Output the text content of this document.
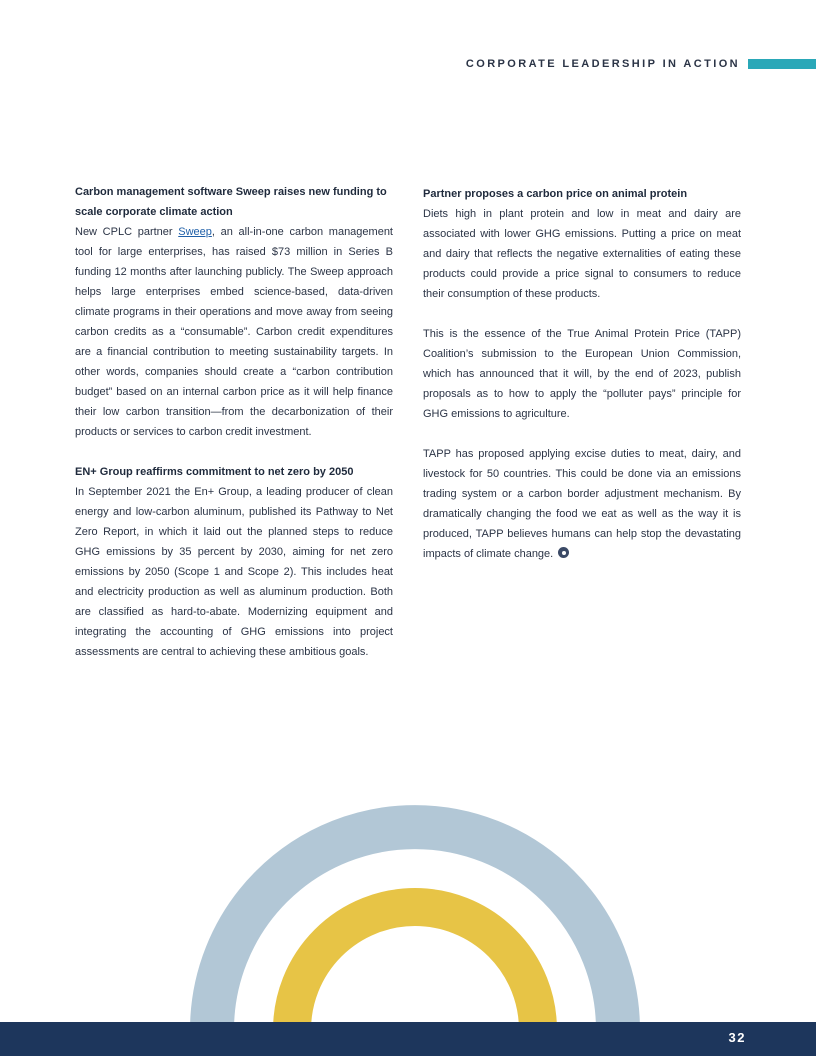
CORPORATE LEADERSHIP IN ACTION
Carbon management software Sweep raises new funding to scale corporate climate action

New CPLC partner Sweep, an all-in-one carbon management tool for large enterprises, has raised $73 million in Series B funding 12 months after launching publicly. The Sweep approach helps large enterprises embed science-based, data-driven climate programs in their operations and move away from seeing carbon credits as a “consumable”. Carbon credit expenditures are a financial contribution to meeting sustainability targets. In other words, companies should create a “carbon contribution budget” based on an internal carbon price as it will help finance their low carbon transition—from the decarbonization of their products or services to carbon credit investment.

EN+ Group reaffirms commitment to net zero by 2050

In September 2021 the En+ Group, a leading producer of clean energy and low-carbon aluminum, published its Pathway to Net Zero Report, in which it laid out the planned steps to reduce GHG emissions by 35 percent by 2030, aiming for net zero emissions by 2050 (Scope 1 and Scope 2). This includes heat and electricity production as well as aluminum production. Both are classified as hard-to-abate. Modernizing equipment and integrating the accounting of GHG emissions into project assessments are central to achieving these ambitious goals.

Partner proposes a carbon price on animal protein

Diets high in plant protein and low in meat and dairy are associated with lower GHG emissions. Putting a price on meat and dairy that reflects the negative externalities of eating these products could provide a price signal to consumers to reduce their consumption of these products.

This is the essence of the True Animal Protein Price (TAPP) Coalition’s submission to the European Union Commission, which has announced that it will, by the end of 2023, publish proposals as to how to apply the “polluter pays” principle for GHG emissions to agriculture.

TAPP has proposed applying excise duties to meat, dairy, and livestock for 50 countries. This could be done via an emissions trading system or a carbon border adjustment mechanism. By dramatically changing the food we eat as well as the way it is produced, TAPP believes humans can help stop the devastating impacts of climate change.

32
